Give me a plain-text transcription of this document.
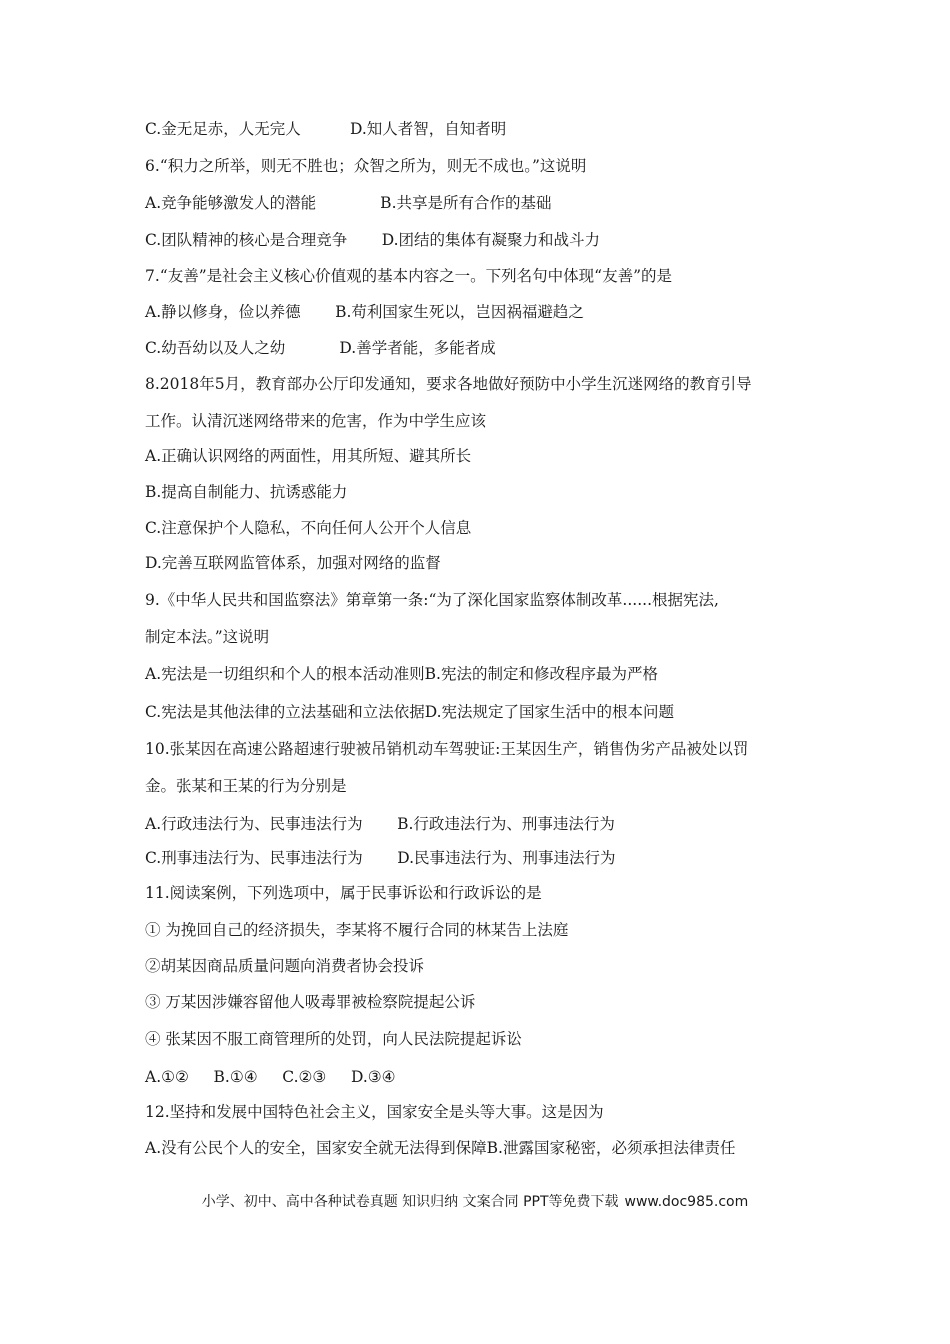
C.金无足赤，人无完人          D.知人者智，自知者明
6.“积力之所举，则无不胜也；众智之所为，则无不成也。”这说明
A.竞争能够激发人的潜能             B.共享是所有合作的基础
C.团队精神的核心是合理竞争       D.团结的集体有凝聚力和战斗力
7.“友善”是社会主义核心价值观的基本内容之一。下列名句中体现“友善”的是
A.静以修身，俭以养德       B.苟利国家生死以，岂因祸福避趋之
C.幼吾幼以及人之幼           D.善学者能，多能者成
8.2018年5月，教育部办公厅印发通知，要求各地做好预防中小学生沉迷网络的教育引导
工作。认清沉迷网络带来的危害，作为中学生应该
A.正确认识网络的两面性，用其所短、避其所长
B.提高自制能力、抗诱惑能力
C.注意保护个人隐私，不向任何人公开个人信息
D.完善互联网监管体系，加强对网络的监督
9.《中华人民共和国监察法》第章第一条:“为了深化国家监察体制改革......根据宪法,
制定本法。”这说明
A.宪法是一切组织和个人的根本活动准则B.宪法的制定和修改程序最为严格
C.宪法是其他法律的立法基础和立法依据D.宪法规定了国家生活中的根本问题
10.张某因在高速公路超速行驶被吊销机动车驾驶证:王某因生产，销售伪劣产品被处以罚
金。张某和王某的行为分别是
A.行政违法行为、民事违法行为       B.行政违法行为、刑事违法行为
C.刑事违法行为、民事违法行为       D.民事违法行为、刑事违法行为
11.阅读案例，下列选项中，属于民事诉讼和行政诉讼的是
① 为挽回自己的经济损失，李某将不履行合同的林某告上法庭
②胡某因商品质量问题向消费者协会投诉
③ 万某因涉嫌容留他人吸毒罪被检察院提起公诉
④ 张某因不服工商管理所的处罚，向人民法院提起诉讼
A.①②     B.①④     C.②③     D.③④
12.坚持和发展中国特色社会主义，国家安全是头等大事。这是因为
A.没有公民个人的安全，国家安全就无法得到保障B.泄露国家秘密，必须承担法律责任
小学、初中、高中各种试卷真题 知识归纳 文案合同 PPT等免费下载 www.doc985.com
